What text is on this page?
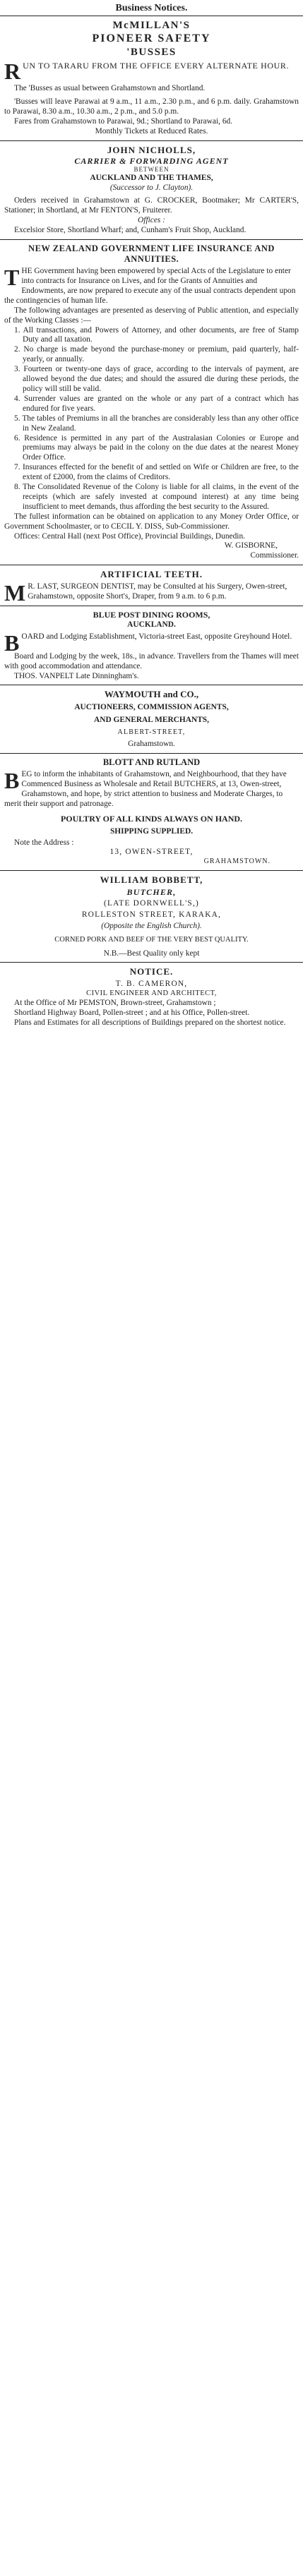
Business Notices.
McMILLAN'S
PIONEER SAFETY
'BUSSES
R UN TO TARARU FROM THE OFFICE EVERY ALTERNATE HOUR.

The 'Busses as usual between Grahamstown and Shortland.

'Busses will leave Parawai at 9 a.m., 11 a.m., 2.30 p.m., and 6 p.m. daily. Grahamstown to Parawai, 8.30 a.m., 10.30 a.m., 2 p.m., and 5.0 p.m.

Fares from Grahamstown to Parawai, 9d.; Shortland to Parawai, 6d.

Monthly Tickets at Reduced Rates.

JOHN NICHOLLS,
CARRIER & FORWARDING AGENT
BETWEEN
AUCKLAND AND THE THAMES,
(Successor to J. Clayton).

Orders received in Grahamstown at G. CROCKER, Bootmaker; Mr CARTER'S, Stationer; in Shortland, at Mr FENTON'S, Fruiterer.

Offices :

Excelsior Store, Shortland Wharf; and, Cunham's Fruit Shop, Auckland.

NEW ZEALAND GOVERNMENT LIFE INSURANCE AND ANNUITIES.
T HE Government having been empowered by special Acts of the Legislature to enter into contracts for Insurance on Lives, and for the Grants of Annuities and Endowments, are now prepared to execute any of the usual contracts dependent upon the contingencies of human life.

The following advantages are presented as deserving of Public attention, and especially of the Working Classes :—

1. All transactions, and Powers of Attorney, and other documents, are free of Stamp Duty and all taxation.
2. No charge is made beyond the purchase-money or premium, paid quarterly, half-yearly, or annually.
3. Fourteen or twenty-one days of grace, according to the intervals of payment, are allowed beyond the due dates; and should the assured die during these periods, the policy will still be valid.
4. Surrender values are granted on the whole or any part of a contract which has endured for five years.
5. The tables of Premiums in all the branches are considerably less than any other office in New Zealand.
6. Residence is permitted in any part of the Australasian Colonies or Europe and premiums may always be paid in the colony on the due dates at the nearest Money Order Office.
7. Insurances effected for the benefit of and settled on Wife or Children are free, to the extent of £2000, from the claims of Creditors.
8. The Consolidated Revenue of the Colony is liable for all claims, in the event of the receipts (which are safely invested at compound interest) at any time being insufficient to meet demands, thus affording the best security to the Assured.

The fullest information can be obtained on application to any Money Order Office, or Government Schoolmaster, or to CECIL Y. DISS, Sub-Commissioner.

Offices: Central Hall (next Post Office), Provincial Buildings, Dunedin.

W. GISBORNE,

Commissioner.

ARTIFICIAL TEETH.
M R. LAST, SURGEON DENTIST, may be Consulted at his Surgery, Owen-street, Grahamstown, opposite Short's, Draper, from 9 a.m. to 6 p.m.
BLUE POST DINING ROOMS,
AUCKLAND.
B OARD and Lodging Establishment, Victoria-street East, opposite Greyhound Hotel.

Board and Lodging by the week, 18s., in advance. Travellers from the Thames will meet with good accommodation and attendance.

THOS. VANPELT Late Dinningham's.

WAYMOUTH and CO.,
AUCTIONEERS, COMMISSION AGENTS,
AND GENERAL MERCHANTS,
ALBERT-STREET,
Grahamstown.
BLOTT AND RUTLAND
B EG to inform the inhabitants of Grahamstown, and Neighbourhood, that they have Commenced Business as Wholesale and Retail BUTCHERS, at 13, Owen-street, Grahamstown, and hope, by strict attention to business and Moderate Charges, to merit their support and patronage.
POULTRY OF ALL KINDS ALWAYS ON HAND.
SHIPPING SUPPLIED.
Note the Address :
13, OWEN-STREET,
GRAHAMSTOWN.
WILLIAM BOBBETT,
BUTCHER,
(LATE DORNWELL'S,)
ROLLESTON STREET, KARAKA,
(Opposite the English Church).
CORNED PORK AND BEEF OF THE VERY BEST QUALITY.
N.B.—Best Quality only kept
NOTICE.
T. B. CAMERON,
CIVIL ENGINEER AND ARCHITECT,

At the Office of Mr PEMSTON, Brown-street, Grahamstown ;

Shortland Highway Board, Pollen-street ; and at his Office, Pollen-street.

Plans and Estimates for all descriptions of Buildings prepared on the shortest notice.
